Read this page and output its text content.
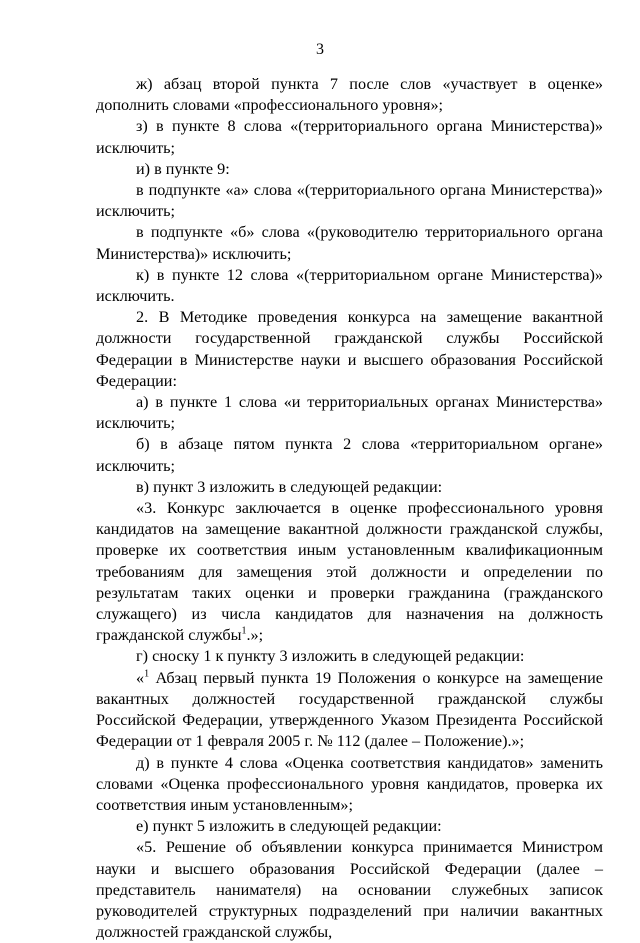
3

ж) абзац второй пункта 7 после слов «участвует в оценке» дополнить словами «профессионального уровня»;

з) в пункте 8 слова «(территориального органа Министерства)» исключить;

и) в пункте 9:

в подпункте «а» слова «(территориального органа Министерства)» исключить;

в подпункте «б» слова «(руководителю территориального органа Министерства)» исключить;

к) в пункте 12 слова «(территориальном органе Министерства)» исключить.

2. В Методике проведения конкурса на замещение вакантной должности государственной гражданской службы Российской Федерации в Министерстве науки и высшего образования Российской Федерации:

а) в пункте 1 слова «и территориальных органах Министерства» исключить;

б) в абзаце пятом пункта 2 слова «территориальном органе» исключить;

в) пункт 3 изложить в следующей редакции:

«3. Конкурс заключается в оценке профессионального уровня кандидатов на замещение вакантной должности гражданской службы, проверке их соответствия иным установленным квалификационным требованиям для замещения этой должности и определении по результатам таких оценки и проверки гражданина (гражданского служащего) из числа кандидатов для назначения на должность гражданской службы$^1$.»;

г) сноску 1 к пункту 3 изложить в следующей редакции:

«$^1$ Абзац первый пункта 19 Положения о конкурсе на замещение вакантных должностей государственной гражданской службы Российской Федерации, утвержденного Указом Президента Российской Федерации от 1 февраля 2005 г. № 112 (далее – Положение).»;

д) в пункте 4 слова «Оценка соответствия кандидатов» заменить словами «Оценка профессионального уровня кандидатов, проверка их соответствия иным установленным»;

е) пункт 5 изложить в следующей редакции:

«5. Решение об объявлении конкурса принимается Министром науки и высшего образования Российской Федерации (далее – представитель нанимателя) на основании служебных записок руководителей структурных подразделений при наличии вакантных должностей гражданской службы,
